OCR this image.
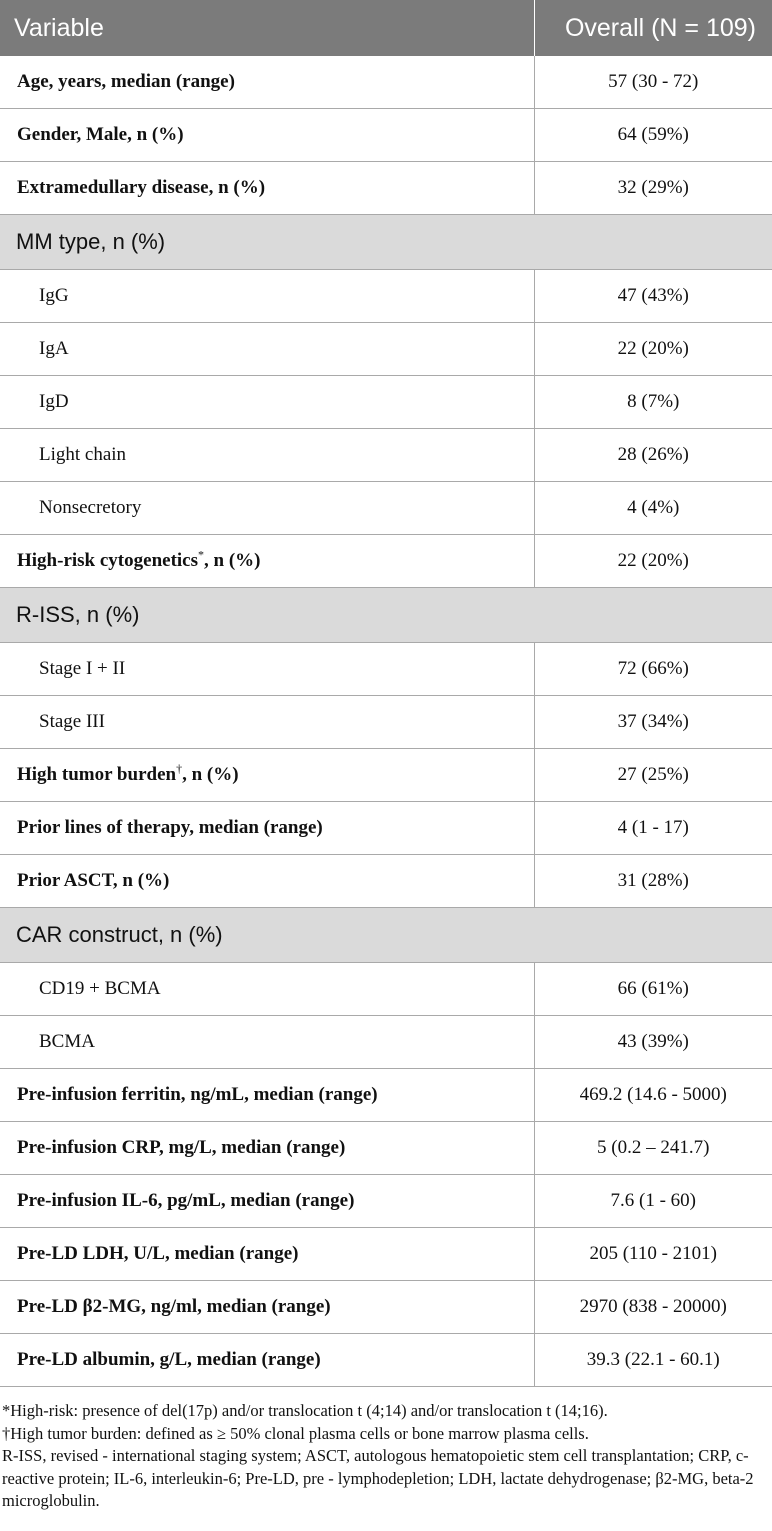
Variable	Overall (N = 109)
Age, years, median (range)	57 (30 - 72)
Gender, Male, n (%)	64 (59%)
Extramedullary disease, n (%)	32 (29%)
MM type, n (%)	
IgG	47 (43%)
IgA	22 (20%)
IgD	8 (7%)
Light chain	28 (26%)
Nonsecretory	4 (4%)
High-risk cytogenetics*, n (%)	22 (20%)
R-ISS, n (%)	
Stage I + II	72 (66%)
Stage III	37 (34%)
High tumor burden†, n (%)	27 (25%)
Prior lines of therapy, median (range)	4 (1 - 17)
Prior ASCT, n (%)	31 (28%)
CAR construct, n (%)	
CD19 + BCMA	66 (61%)
BCMA	43 (39%)
Pre-infusion ferritin, ng/mL, median (range)	469.2 (14.6 - 5000)
Pre-infusion CRP, mg/L, median (range)	5 (0.2 – 241.7)
Pre-infusion IL-6, pg/mL, median (range)	7.6 (1 - 60)
Pre-LD LDH, U/L, median (range)	205 (110 - 2101)
Pre-LD β2-MG, ng/ml, median (range)	2970 (838 - 20000)
Pre-LD albumin, g/L, median (range)	39.3 (22.1 - 60.1)

*High-risk: presence of del(17p) and/or translocation t (4;14) and/or translocation t (14;16).

†High tumor burden: defined as ≥ 50% clonal plasma cells or bone marrow plasma cells.

R-ISS, revised - international staging system; ASCT, autologous hematopoietic stem cell transplantation; CRP, c-reactive protein; IL-6, interleukin-6; Pre-LD, pre - lymphodepletion; LDH, lactate dehydrogenase; β2-MG, beta-2 microglobulin.
